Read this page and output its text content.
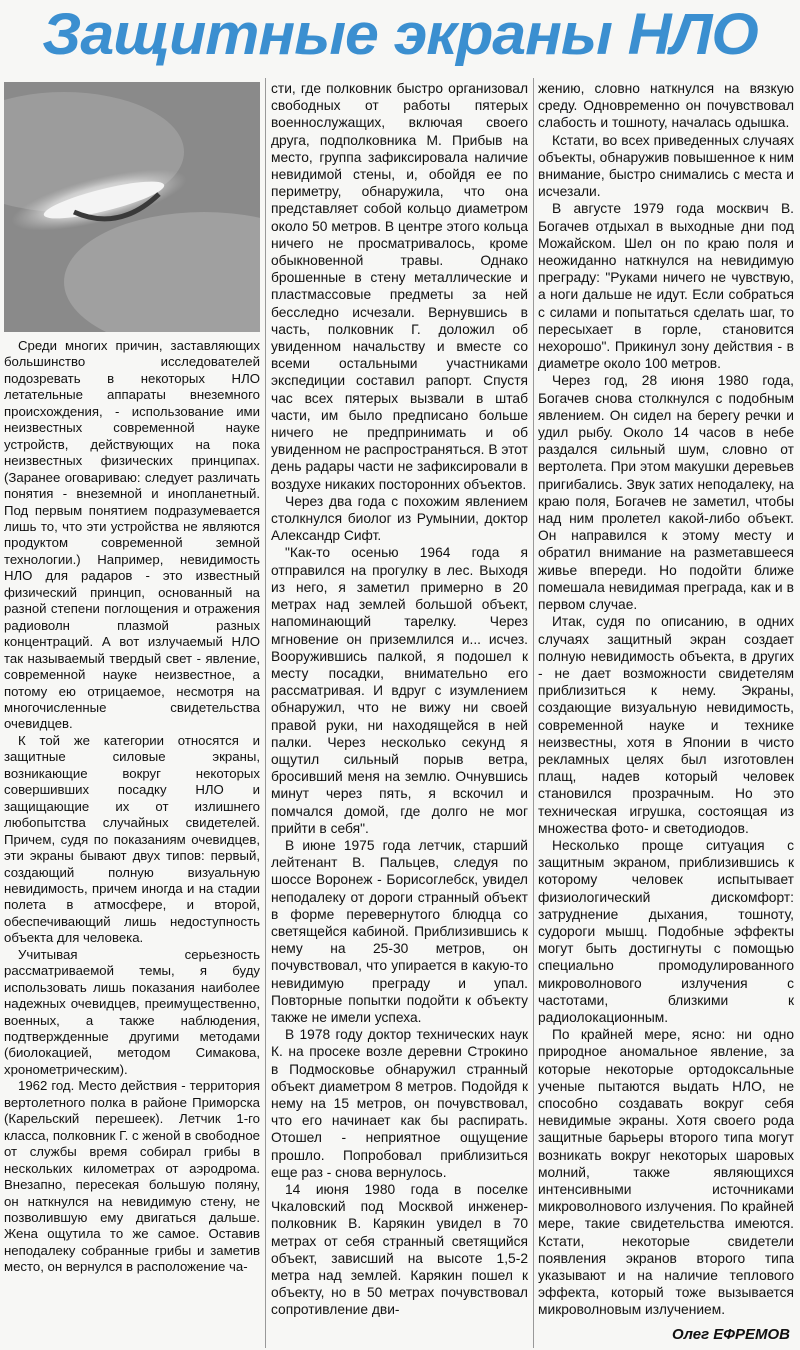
Защитные экраны НЛО

Среди многих причин, заставляющих большинство исследователей подозревать в некоторых НЛО летательные аппараты внеземного происхождения, - использование ими неизвестных современной науке устройств, действующих на пока неизвестных физических принципах. (Заранее оговариваю: следует различать понятия - внеземной и инопланетный. Под первым понятием подразумевается лишь то, что эти устройства не являются продуктом современной земной технологии.) Например, невидимость НЛО для радаров - это известный физический принцип, основанный на разной степени поглощения и отражения радиоволн плазмой разных концентраций. А вот излучаемый НЛО так называемый твердый свет - явление, современной науке неизвестное, а потому ею отрицаемое, несмотря на многочисленные свидетельства очевидцев.

К той же категории относятся и защитные силовые экраны, возникающие вокруг некоторых совершивших посадку НЛО и защищающие их от излишнего любопытства случайных свидетелей. Причем, судя по показаниям очевидцев, эти экраны бывают двух типов: первый, создающий полную визуальную невидимость, причем иногда и на стадии полета в атмосфере, и второй, обеспечивающий лишь недоступность объекта для человека.

Учитывая серьезность рассматриваемой темы, я буду использовать лишь показания наиболее надежных очевидцев, преимущественно, военных, а также наблюдения, подтвержденные другими методами (биолокацией, методом Симакова, хронометрическим).

1962 год. Место действия - территория вертолетного полка в районе Приморска (Карельский перешеек). Летчик 1-го класса, полковник Г. с женой в свободное от службы время собирал грибы в нескольких километрах от аэродрома. Внезапно, пересекая большую поляну, он наткнулся на невидимую стену, не позволившую ему двигаться дальше. Жена ощутила то же самое. Оставив неподалеку собранные грибы и заметив место, он вернулся в расположение ча-

сти, где полковник быстро организовал свободных от работы пятерых военнослужащих, включая своего друга, подполковника М. Прибыв на место, группа зафиксировала наличие невидимой стены, и, обойдя ее по периметру, обнаружила, что она представляет собой кольцо диаметром около 50 метров. В центре этого кольца ничего не просматривалось, кроме обыкновенной травы. Однако брошенные в стену металлические и пластмассовые предметы за ней бесследно исчезали. Вернувшись в часть, полковник Г. доложил об увиденном начальству и вместе со всеми остальными участниками экспедиции составил рапорт. Спустя час всех пятерых вызвали в штаб части, им было предписано больше ничего не предпринимать и об увиденном не распространяться. В этот день радары части не зафиксировали в воздухе никаких посторонних объектов.

Через два года с похожим явлением столкнулся биолог из Румынии, доктор Александр Сифт.

"Как-то осенью 1964 года я отправился на прогулку в лес. Выходя из него, я заметил примерно в 20 метрах над землей большой объект, напоминающий тарелку. Через мгновение он приземлился и... исчез. Вооружившись палкой, я подошел к месту посадки, внимательно его рассматривая. И вдруг с изумлением обнаружил, что не вижу ни своей правой руки, ни находящейся в ней палки. Через несколько секунд я ощутил сильный порыв ветра, бросивший меня на землю. Очнувшись минут через пять, я вскочил и помчался домой, где долго не мог прийти в себя".

В июне 1975 года летчик, старший лейтенант В. Пальцев, следуя по шоссе Воронеж - Борисоглебск, увидел неподалеку от дороги странный объект в форме перевернутого блюдца со светящейся кабиной. Приблизившись к нему на 25-30 метров, он почувствовал, что упирается в какую-то невидимую преграду и упал. Повторные попытки подойти к объекту также не имели успеха.

В 1978 году доктор технических наук К. на просеке возле деревни Строкино в Подмосковье обнаружил странный объект диаметром 8 метров. Подойдя к нему на 15 метров, он почувствовал, что его начинает как бы распирать. Отошел - неприятное ощущение прошло. Попробовал приблизиться еще раз - снова вернулось.

14 июня 1980 года в поселке Чкаловский под Москвой инженер-полковник В. Карякин увидел в 70 метрах от себя странный светящийся объект, зависший на высоте 1,5-2 метра над землей. Карякин пошел к объекту, но в 50 метрах почувствовал сопротивление дви-

жению, словно наткнулся на вязкую среду. Одновременно он почувствовал слабость и тошноту, началась одышка.

Кстати, во всех приведенных случаях объекты, обнаружив повышенное к ним внимание, быстро снимались с места и исчезали.

В августе 1979 года москвич В. Богачев отдыхал в выходные дни под Можайском. Шел он по краю поля и неожиданно наткнулся на невидимую преграду: "Руками ничего не чувствую, а ноги дальше не идут. Если собраться с силами и попытаться сделать шаг, то пересыхает в горле, становится нехорошо". Прикинул зону действия - в диаметре около 100 метров.

Через год, 28 июня 1980 года, Богачев снова столкнулся с подобным явлением. Он сидел на берегу речки и удил рыбу. Около 14 часов в небе раздался сильный шум, словно от вертолета. При этом макушки деревьев пригибались. Звук затих неподалеку, на краю поля, Богачев не заметил, чтобы над ним пролетел какой-либо объект. Он направился к этому месту и обратил внимание на разметавшееся живье впереди. Но подойти ближе помешала невидимая преграда, как и в первом случае.

Итак, судя по описанию, в одних случаях защитный экран создает полную невидимость объекта, в других - не дает возможности свидетелям приблизиться к нему. Экраны, создающие визуальную невидимость, современной науке и технике неизвестны, хотя в Японии в чисто рекламных целях был изготовлен плащ, надев который человек становился прозрачным. Но это техническая игрушка, состоящая из множества фото- и светодиодов.

Несколько проще ситуация с защитным экраном, приблизившись к которому человек испытывает физиологический дискомфорт: затруднение дыхания, тошноту, судороги мышц. Подобные эффекты могут быть достигнуты с помощью специально промодулированного микроволнового излучения с частотами, близкими к радиолокационным.

По крайней мере, ясно: ни одно природное аномальное явление, за которые некоторые ортодоксальные ученые пытаются выдать НЛО, не способно создавать вокруг себя невидимые экраны. Хотя своего рода защитные барьеры второго типа могут возникать вокруг некоторых шаровых молний, также являющихся интенсивными источниками микроволнового излучения. По крайней мере, такие свидетельства имеются. Кстати, некоторые свидетели появления экранов второго типа указывают и на наличие теплового эффекта, который тоже вызывается микроволновым излучением.

Олег ЕФРЕМОВ
